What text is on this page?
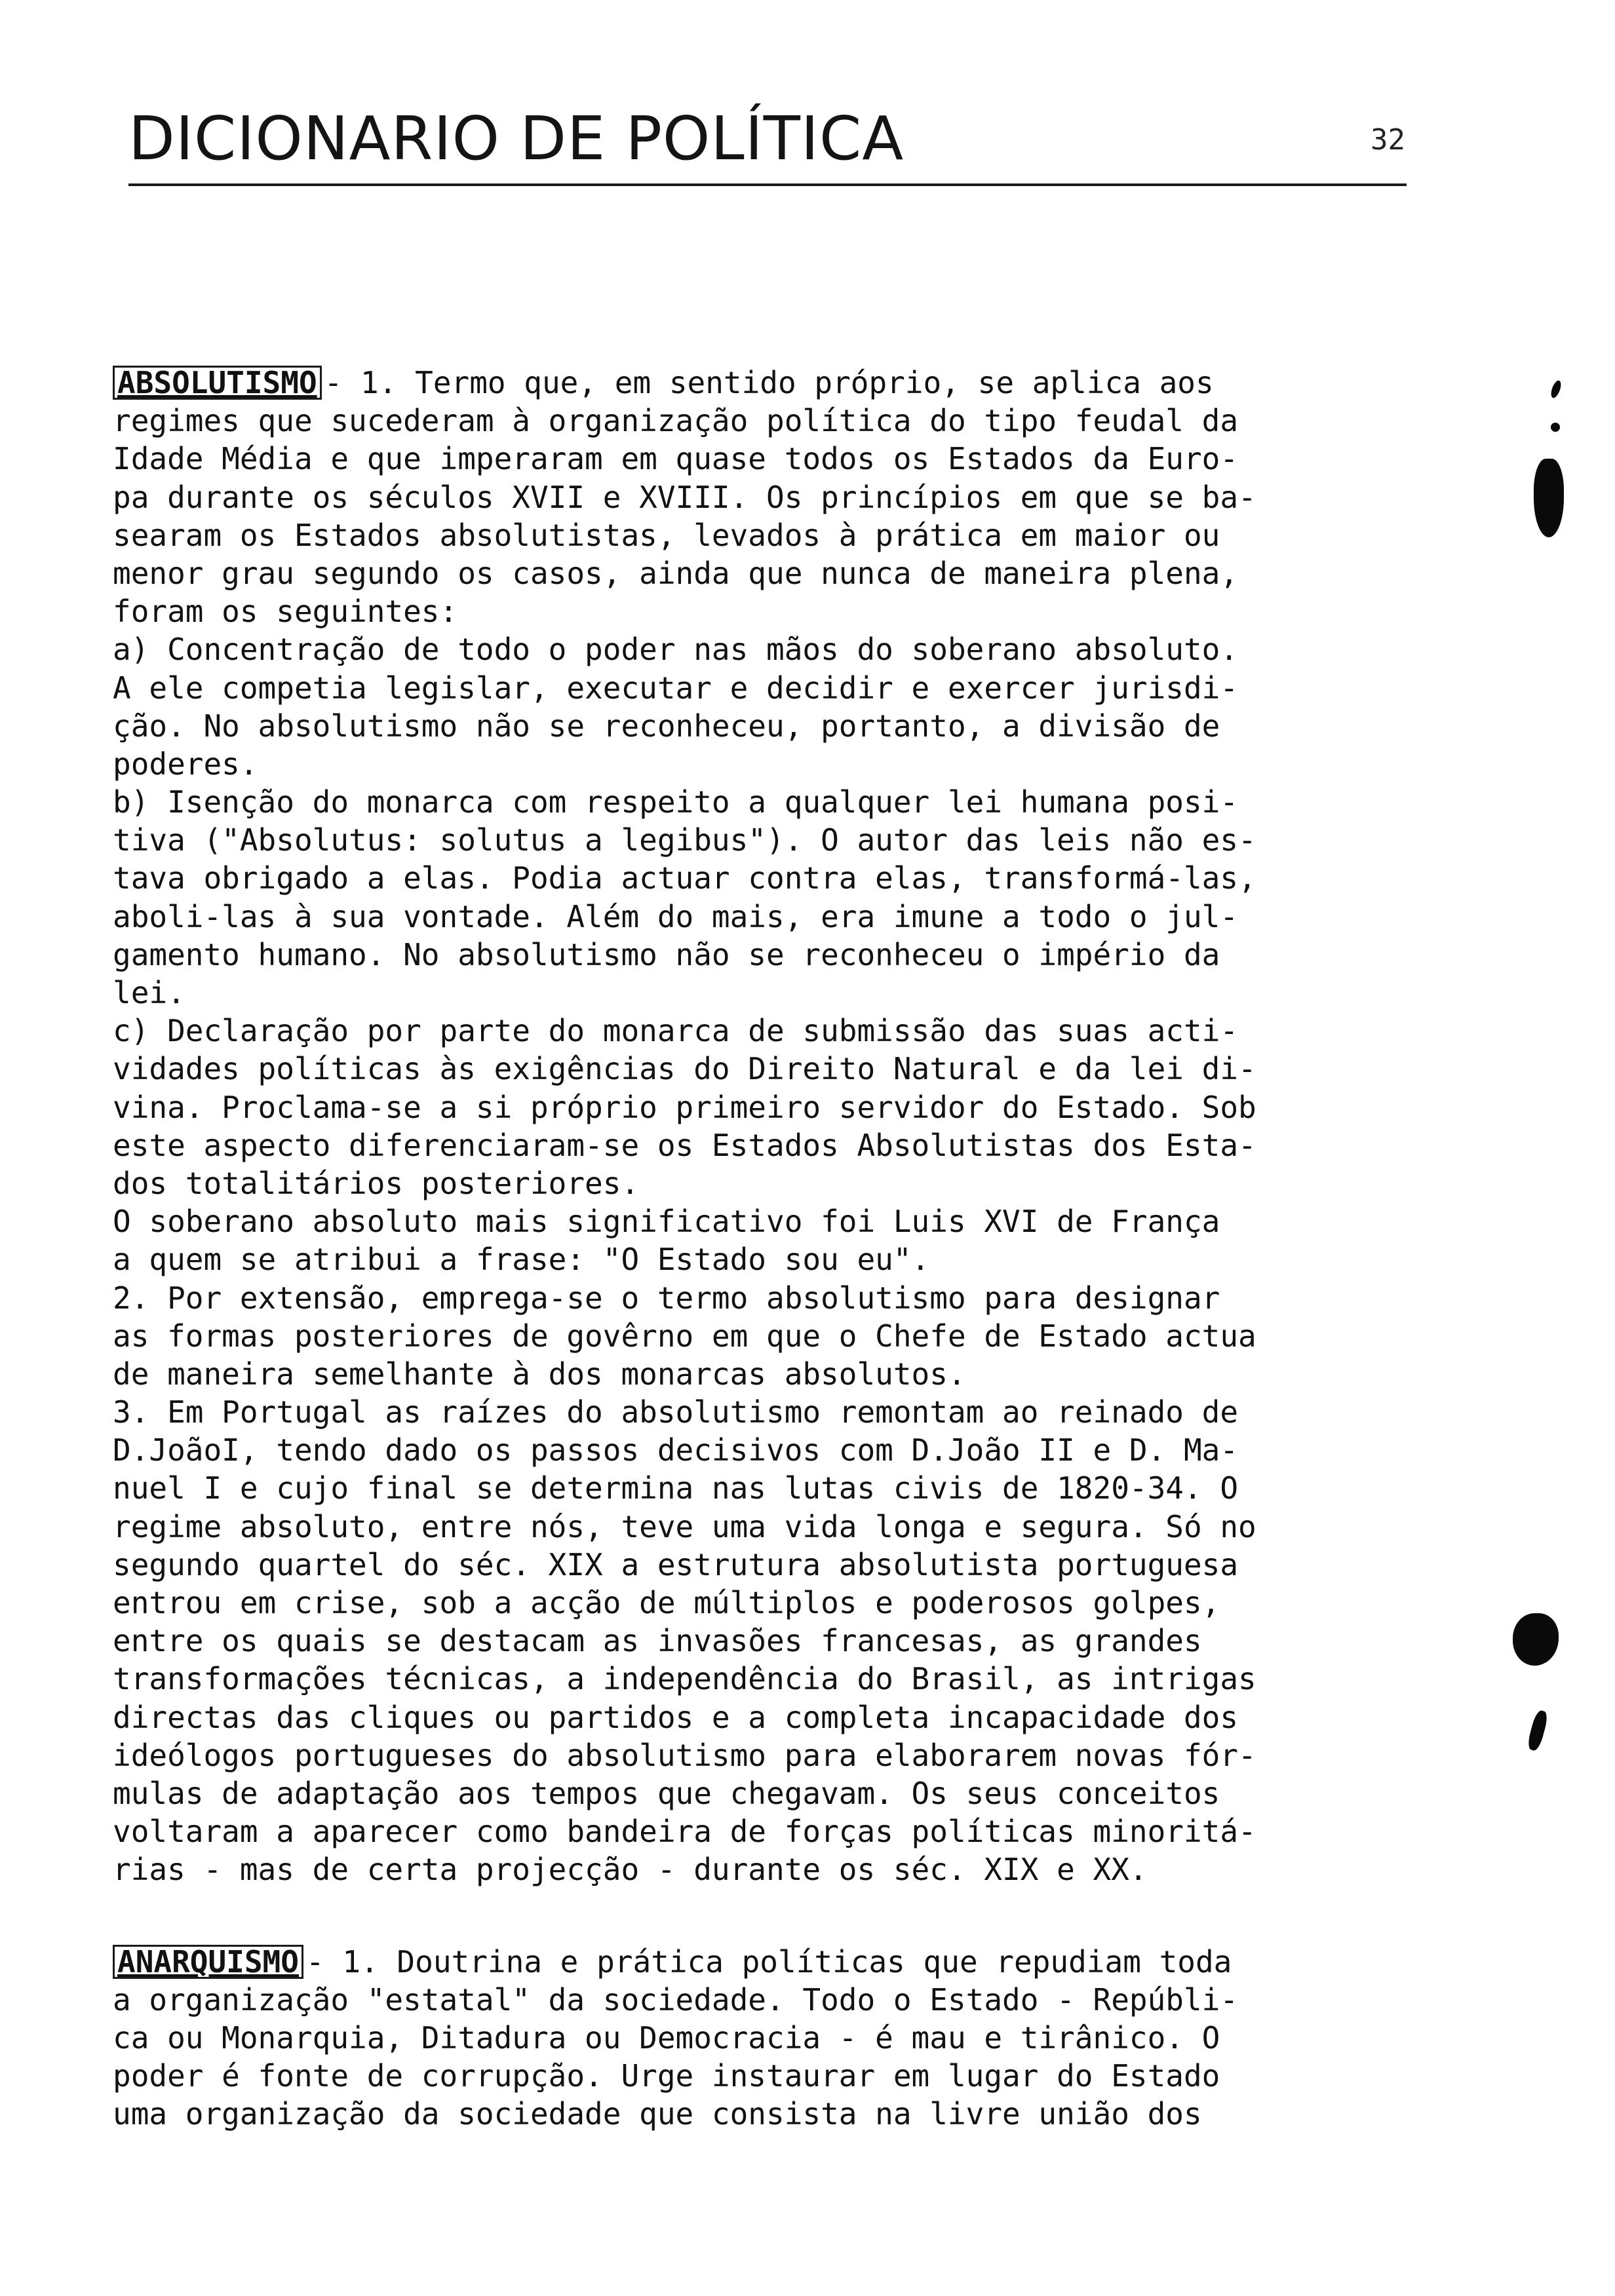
DICIONARIO DE POLÍTICA	32
ABSOLUTISMO - 1. Termo que, em sentido próprio, se aplica aos
regimes que sucederam à organização política do tipo feudal da
Idade Média e que imperaram em quase todos os Estados da Euro-
pa durante os séculos XVII e XVIII. Os princípios em que se ba-
searam os Estados absolutistas, levados à prática em maior ou
menor grau segundo os casos, ainda que nunca de maneira plena,
foram os seguintes:
a) Concentração de todo o poder nas mãos do soberano absoluto.
A ele competia legislar, executar e decidir e exercer jurisdi-
ção. No absolutismo não se reconheceu, portanto, a divisão de
poderes.
b) Isenção do monarca com respeito a qualquer lei humana posi-
tiva ("Absolutus: solutus a legibus"). O autor das leis não es-
tava obrigado a elas. Podia actuar contra elas, transformá-las,
aboli-las à sua vontade. Além do mais, era imune a todo o jul-
gamento humano. No absolutismo não se reconheceu o império da
lei.
c) Declaração por parte do monarca de submissão das suas acti-
vidades políticas às exigências do Direito Natural e da lei di-
vina. Proclama-se a si próprio primeiro servidor do Estado. Sob
este aspecto diferenciaram-se os Estados Absolutistas dos Esta-
dos totalitários posteriores.
O soberano absoluto mais significativo foi Luis XVI de França
a quem se atribui a frase: "O Estado sou eu".
2. Por extensão, emprega-se o termo absolutismo para designar
as formas posteriores de govêrno em que o Chefe de Estado actua
de maneira semelhante à dos monarcas absolutos.
3. Em Portugal as raízes do absolutismo remontam ao reinado de
D.JoãoI, tendo dado os passos decisivos com D.João II e D. Ma-
nuel I e cujo final se determina nas lutas civis de 1820-34. O
regime absoluto, entre nós, teve uma vida longa e segura. Só no
segundo quartel do séc. XIX a estrutura absolutista portuguesa
entrou em crise, sob a acção de múltiplos e poderosos golpes,
entre os quais se destacam as invasões francesas, as grandes
transformações técnicas, a independência do Brasil, as intrigas
directas das cliques ou partidos e a completa incapacidade dos
ideólogos portugueses do absolutismo para elaborarem novas fór-
mulas de adaptação aos tempos que chegavam. Os seus conceitos
voltaram a aparecer como bandeira de forças políticas minoritá-
rias - mas de certa projecção - durante os séc. XIX e XX.
ANARQUISMO - 1. Doutrina e prática políticas que repudiam toda
a organização "estatal" da sociedade. Todo o Estado - Repúbli-
ca ou Monarquia, Ditadura ou Democracia - é mau e tirânico. O
poder é fonte de corrupção. Urge instaurar em lugar do Estado
uma organização da sociedade que consista na livre união dos
